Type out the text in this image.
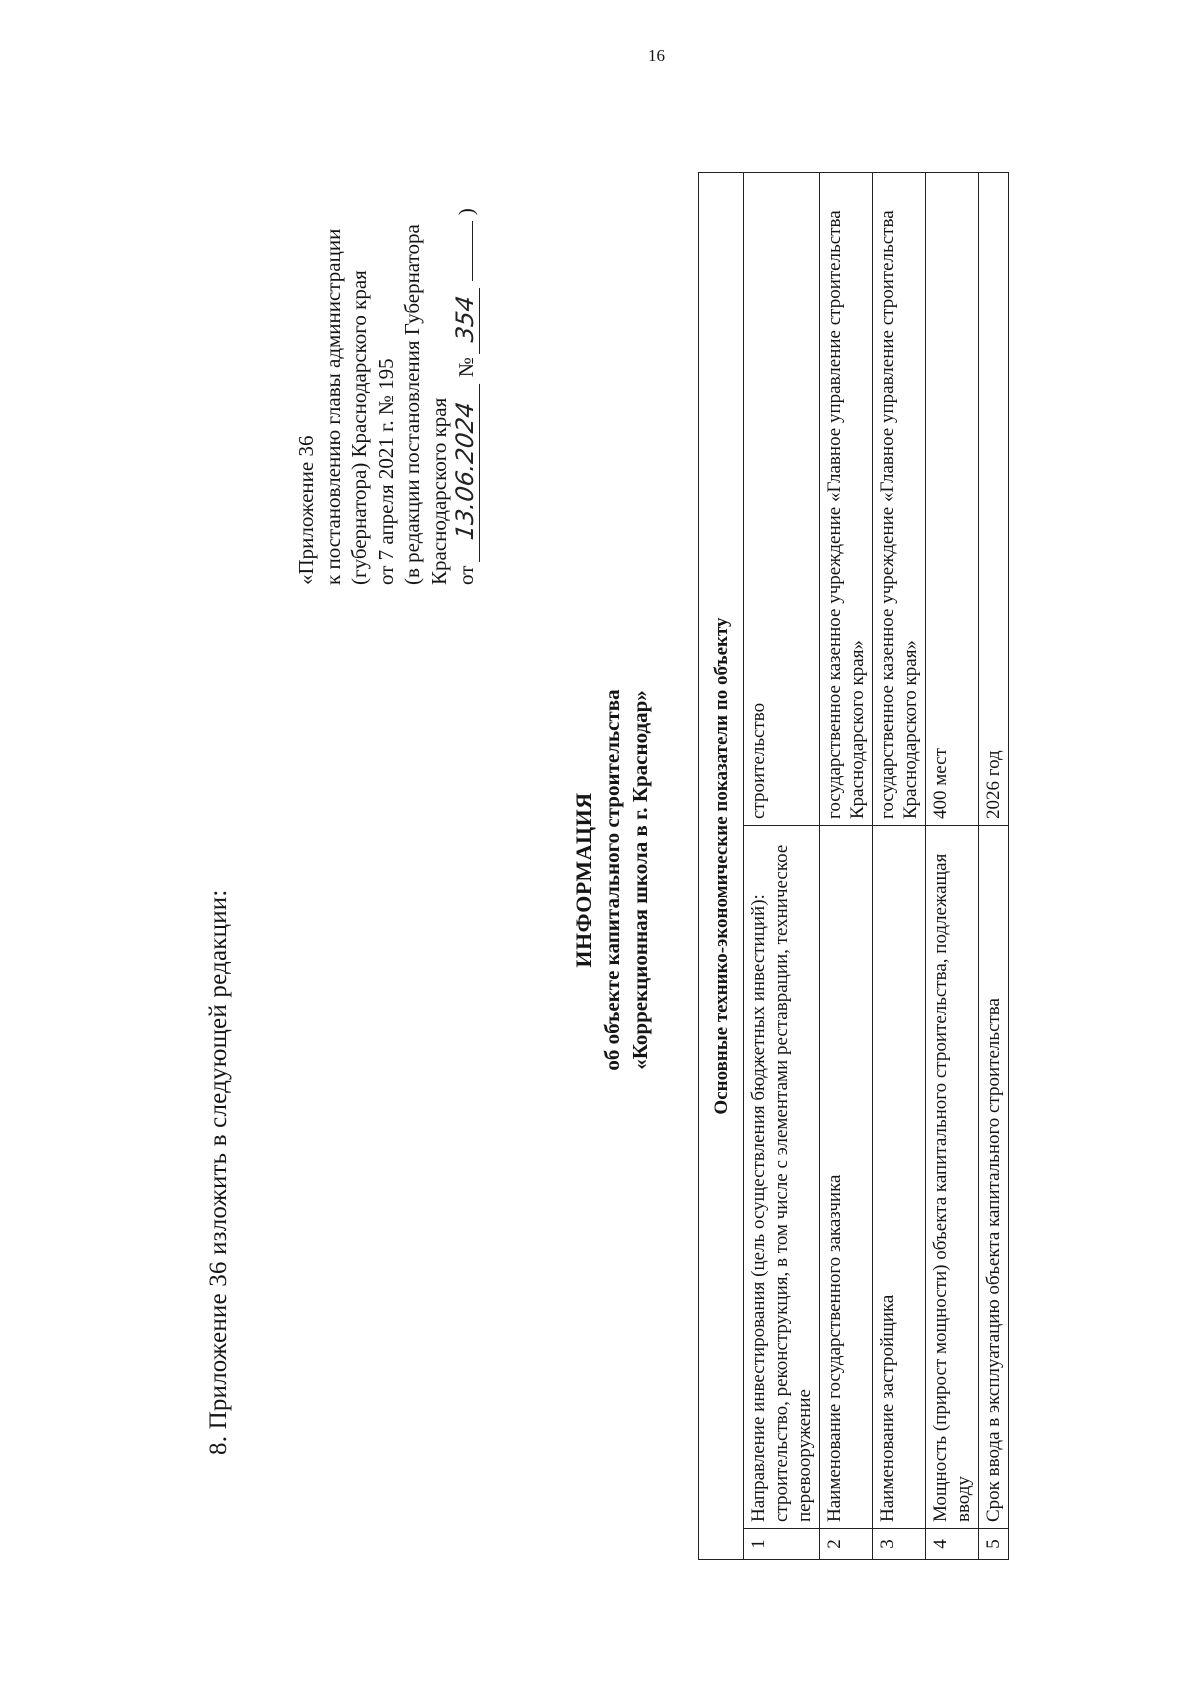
16
8. Приложение 36 изложить в следующей редакции:
«Приложение 36 к постановлению главы администрации (губернатора) Краснодарского края от 7 апреля 2021 г. № 195 (в редакции постановления Губернатора Краснодарского края от 13.06.2024 № 354  )
ИНФОРМАЦИЯ об объекте капитального строительства «Коррекционная школа в г. Краснодар»	Основные технико-экономические показатели по объекту		
1	Направление инвестирования (цель осуществления бюджетных инвестиций): строительство, реконструкция, в том числе с элементами реставрации, техническое перевооружение	строительство
2	Наименование государственного заказчика	государственное казенное учреждение «Главное управление строительства Краснодарского края»
3	Наименование застройщика	государственное казенное учреждение «Главное управление строительства Краснодарского края»
4	Мощность (прирост мощности) объекта капитального строительства, подлежащая вводу	400 мест
5	Срок ввода в эксплуатацию объекта капитального строительства	2026 год
